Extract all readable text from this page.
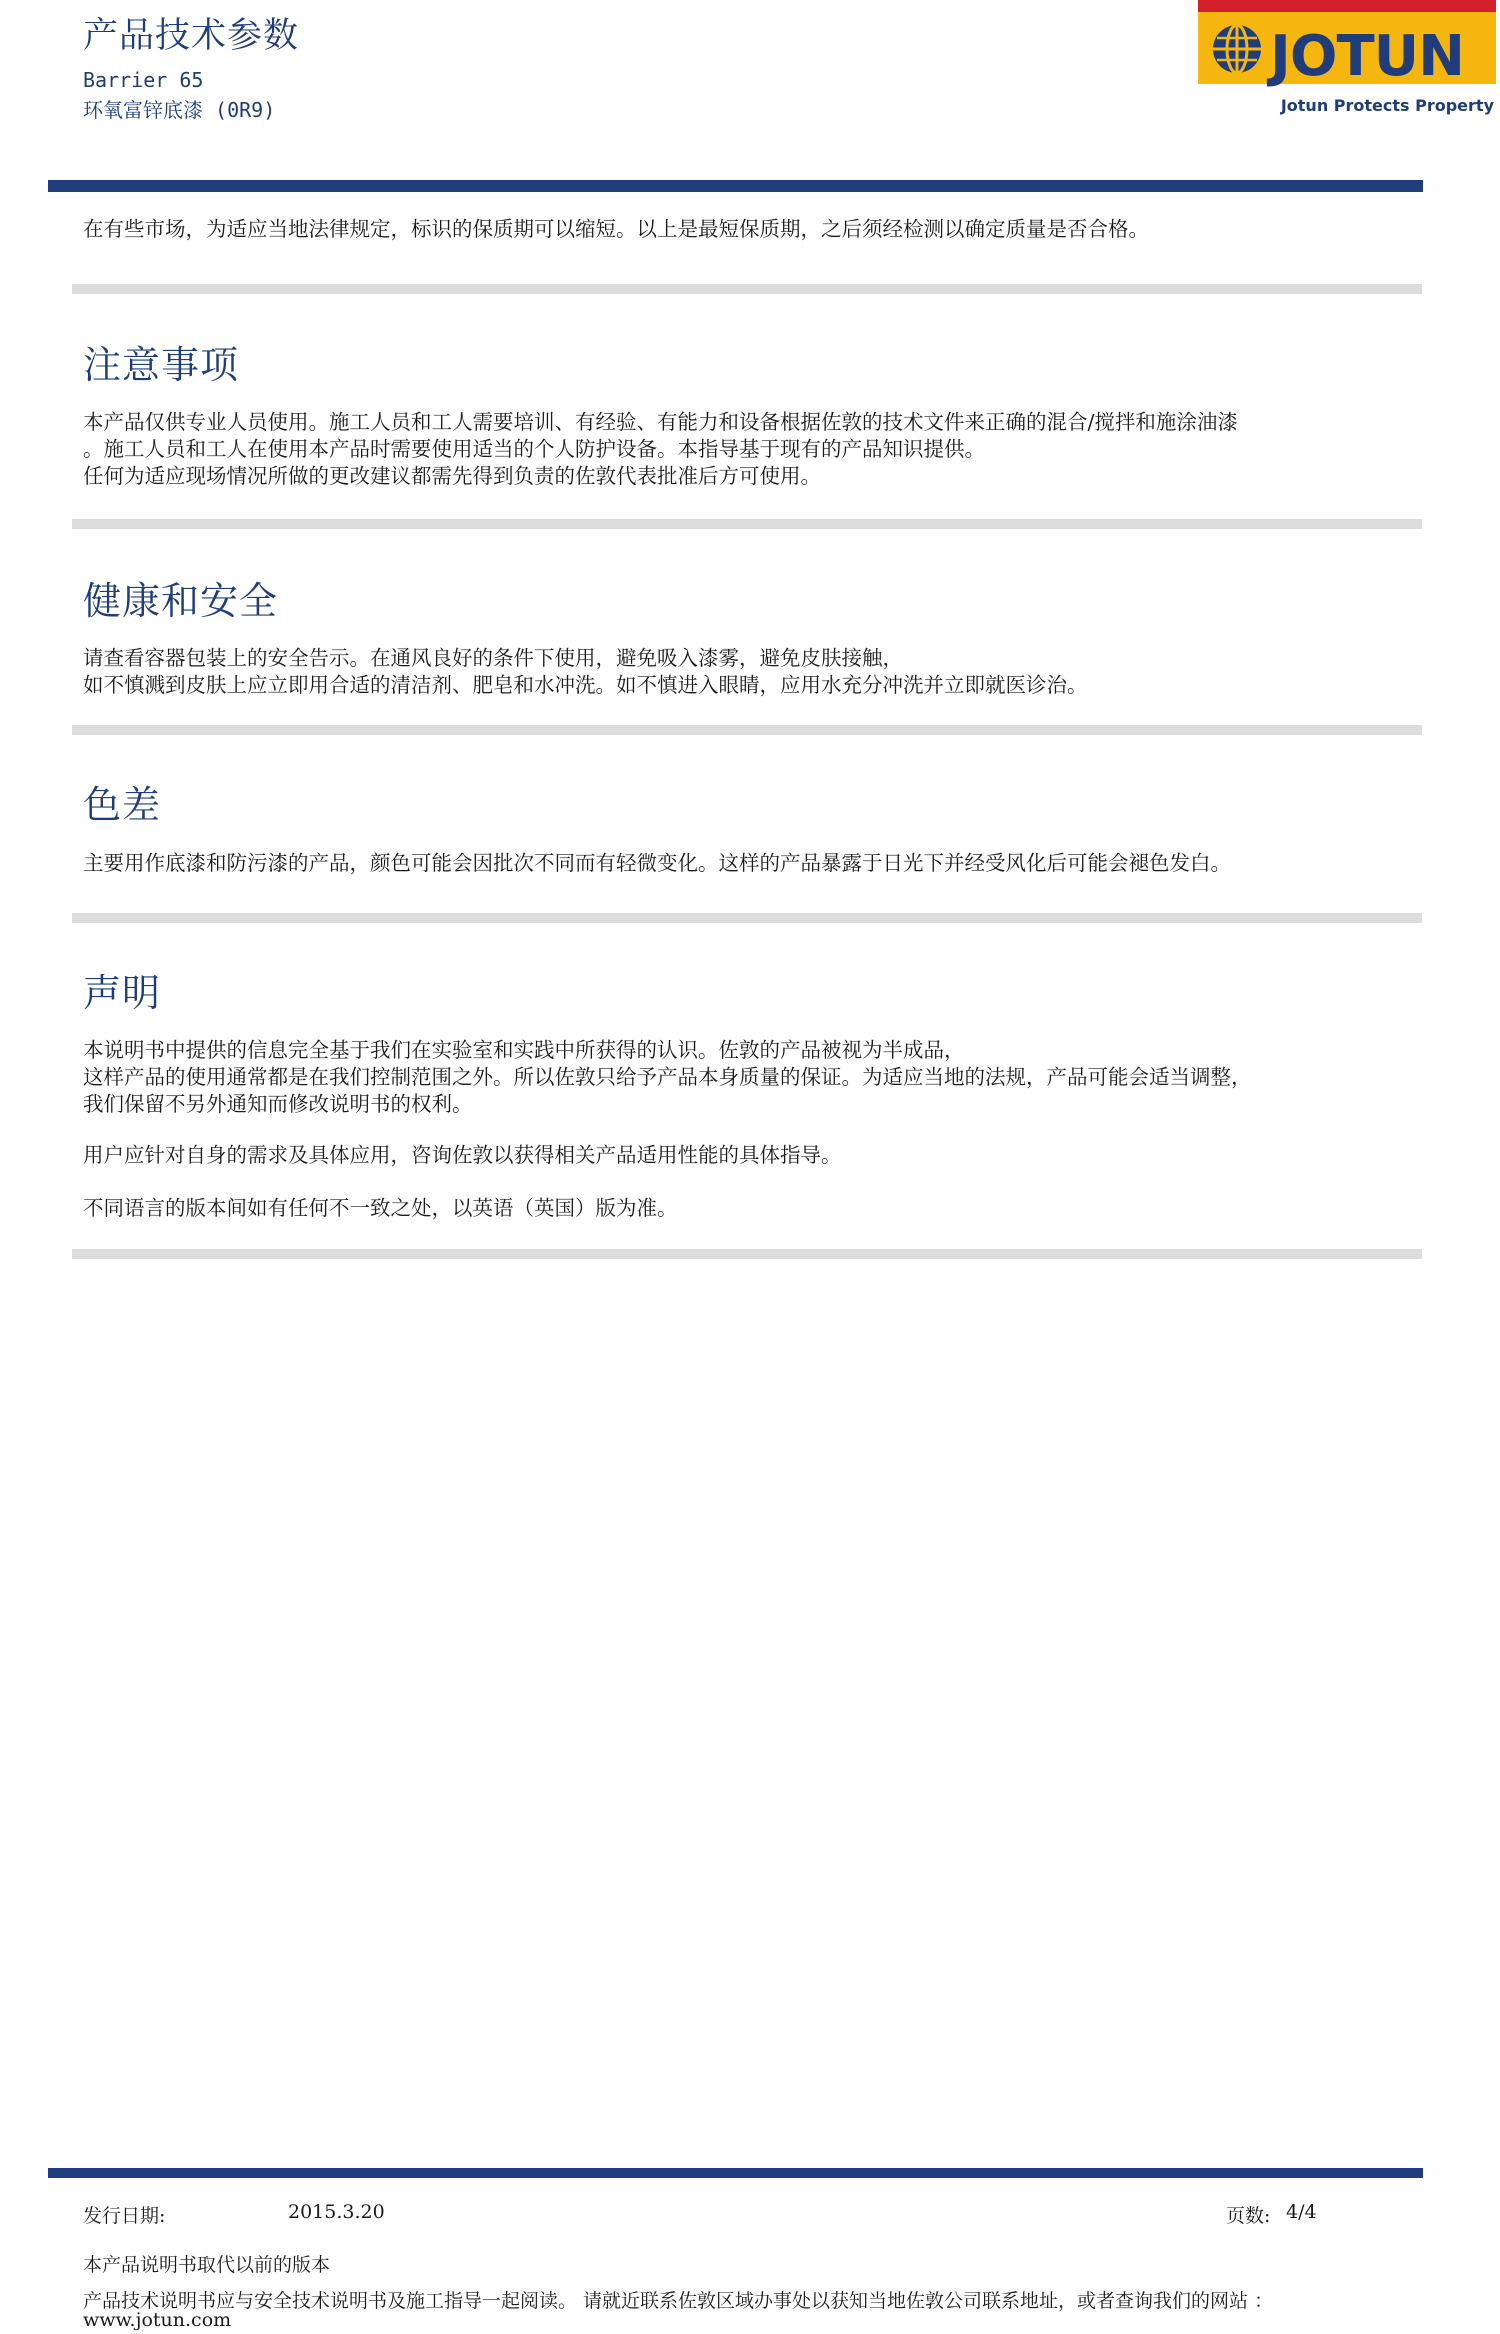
产品技术参数
Barrier 65
环氧富锌底漆 (0R9)
JOTUN
Jotun Protects Property

在有些市场，为适应当地法律规定，标识的保质期可以缩短。以上是最短保质期，之后须经检测以确定质量是否合格。

注意事项

本产品仅供专业人员使用。施工人员和工人需要培训、有经验、有能力和设备根据佐敦的技术文件来正确的混合/搅拌和施涂油漆
。施工人员和工人在使用本产品时需要使用适当的个人防护设备。本指导基于现有的产品知识提供。
任何为适应现场情况所做的更改建议都需先得到负责的佐敦代表批准后方可使用。

健康和安全

请查看容器包装上的安全告示。在通风良好的条件下使用，避免吸入漆雾，避免皮肤接触，
如不慎溅到皮肤上应立即用合适的清洁剂、肥皂和水冲洗。如不慎进入眼睛，应用水充分冲洗并立即就医诊治。

色差

主要用作底漆和防污漆的产品，颜色可能会因批次不同而有轻微变化。这样的产品暴露于日光下并经受风化后可能会褪色发白。

声明

本说明书中提供的信息完全基于我们在实验室和实践中所获得的认识。佐敦的产品被视为半成品，
这样产品的使用通常都是在我们控制范围之外。所以佐敦只给予产品本身质量的保证。为适应当地的法规，产品可能会适当调整，
我们保留不另外通知而修改说明书的权利。

用户应针对自身的需求及具体应用，咨询佐敦以获得相关产品适用性能的具体指导。

不同语言的版本间如有任何不一致之处，以英语（英国）版为准。

发行日期:	2015.3.20	页数: 4/4
本产品说明书取代以前的版本
产品技术说明书应与安全技术说明书及施工指导一起阅读。 请就近联系佐敦区域办事处以获知当地佐敦公司联系地址，或者查询我们的网站 ：
www.jotun.com
